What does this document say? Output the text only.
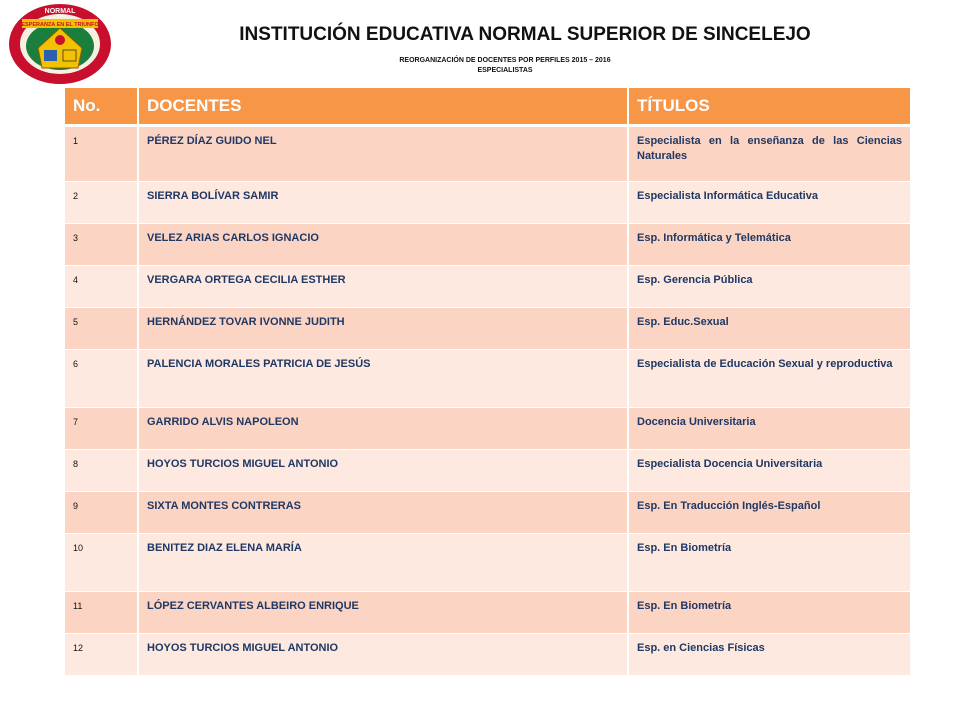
ESPERANZA EN EL TRIUNFO
NORMAL
INSTITUCIÓN EDUCATIVA NORMAL SUPERIOR DE SINCELEJO
REORGANIZACIÓN DE DOCENTES POR PERFILES 2015 – 2016
ESPECIALISTAS
No.	DOCENTES	TÍTULOS
1	PÉREZ DÍAZ GUIDO NEL	Especialista en la enseñanza de las Ciencias Naturales
2	SIERRA BOLÍVAR SAMIR	Especialista Informática Educativa
3	VELEZ ARIAS CARLOS IGNACIO	Esp. Informática y Telemática
4	VERGARA ORTEGA CECILIA ESTHER	Esp. Gerencia Pública
5	HERNÁNDEZ TOVAR IVONNE JUDITH	Esp. Educ.Sexual
6	PALENCIA MORALES PATRICIA DE JESÚS	Especialista de Educación Sexual y reproductiva
7	GARRIDO ALVIS NAPOLEON	Docencia Universitaria
8	HOYOS TURCIOS MIGUEL ANTONIO	Especialista Docencia Universitaria
9	SIXTA MONTES CONTRERAS	Esp. En Traducción Inglés-Español
10	BENITEZ DIAZ ELENA MARÍA	Esp. En Biometría
11	LÓPEZ CERVANTES ALBEIRO ENRIQUE	Esp. En Biometría
12	HOYOS TURCIOS MIGUEL ANTONIO	Esp. en Ciencias Físicas
